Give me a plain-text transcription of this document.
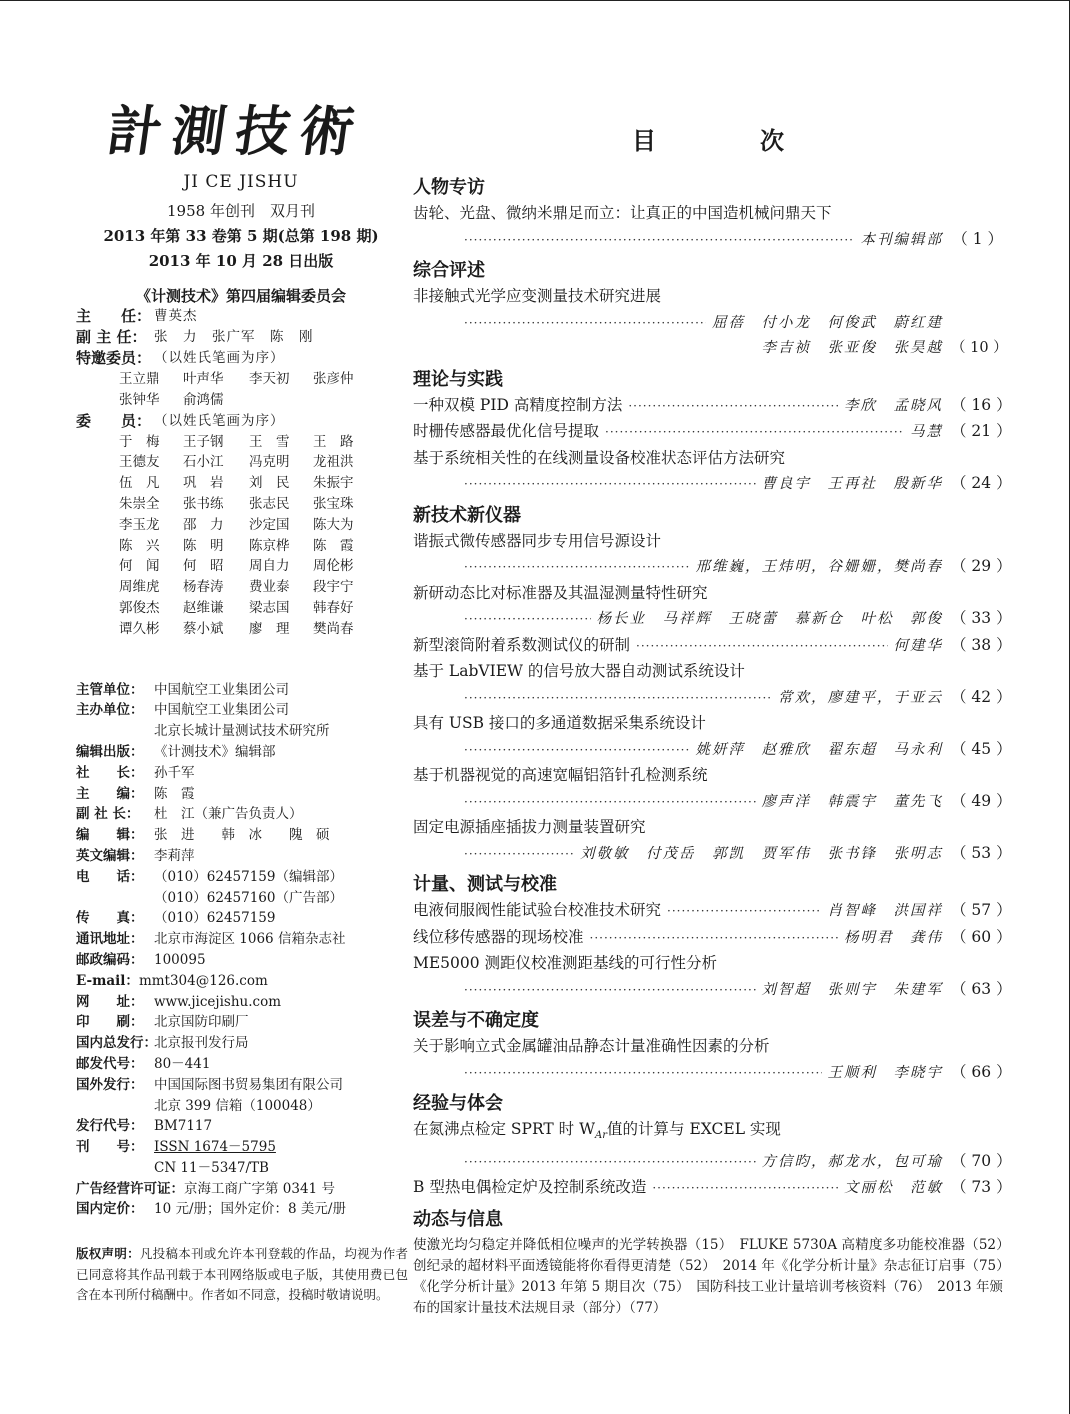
計測技術
JI CE JISHU
1958 年创刊　双月刊
2013 年第 33 卷第 5 期(总第 198 期)
2013 年 10 月 28 日出版
《计测技术》第四届编辑委员会
主　　任： 曹英杰
副 主 任： 张　力　张广军　陈　刚
特邀委员： （以姓氏笔画为序）
王立鼎	叶声华	李天初	张彦仲
张钟华	俞鸿儒
委　　员： （以姓氏笔画为序）
于　梅	王子钢	王　雪	王　路
王德友	石小江	冯克明	龙祖洪
伍　凡	巩　岩	刘　民	朱振宇
朱崇全	张书练	张志民	张宝珠
李玉龙	邵　力	沙定国	陈大为
陈　兴	陈　明	陈京桦	陈　霞
何　闻	何　昭	周自力	周伦彬
周维虎	杨春涛	费业泰	段宇宁
郭俊杰	赵维谦	梁志国	韩春好
谭久彬	蔡小斌	廖　理	樊尚春
主管单位： 中国航空工业集团公司
主办单位： 中国航空工业集团公司
北京长城计量测试技术研究所
编辑出版： 《计测技术》编辑部
社　　长： 孙千军
主　　编： 陈　霞
副 社 长：	杜　江（兼广告负责人）
编　　辑： 张　进　　韩　冰　　隗　硕
英文编辑： 李莉萍
电　　话： （010）62457159（编辑部）
（010）62457160（广告部）
传　　真： （010）62457159
通讯地址： 北京市海淀区 1066 信箱杂志社
邮政编码： 100095
E-mail： mmt304@126.com
网　　址： www.jicejishu.com
印　　刷： 北京国防印刷厂
国内总发行：
北京报刊发行局
邮发代号： 80－441
国外发行： 中国国际图书贸易集团有限公司
北京 399 信箱（100048）
发行代号： BM7117
刊　　号： ISSN 1674－5795
CN 11－5347/TB
广告经营许可证： 京海工商广字第 0341 号
国内定价： 10 元/册；国外定价：8 美元/册
版权声明：凡投稿本刊或允许本刊登载的作品，均视为作者已同意将其作品刊载于本刊网络版或电子版，其使用费已包含在本刊所付稿酬中。作者如不同意，投稿时敬请说明。
目　次
人物专访
齿轮、光盘、微纳米鼎足而立：让真正的中国造机械问鼎天下
·····
本刊编辑部 （ 1 ）
综合评述
非接触式光学应变测量技术研究进展
·····
屈蓓　付小龙　何俊武　蔚红建
李吉祯　张亚俊　张昊越 （ 10 ）
理论与实践
一种双模 PID 高精度控制方法 ·····	李欣　孟晓风 （ 16 ）
时栅传感器最优化信号提取 ·····	马慧 （ 21 ）
基于系统相关性的在线测量设备校准状态评估方法研究
·····
曹良宇　王再社　殷新华 （ 24 ）
新技术新仪器
谐振式微传感器同步专用信号源设计
·····
邢维巍，王炜明，谷姗姗，樊尚春 （ 29 ）
新研动态比对标准器及其温湿测量特性研究
·····
杨长业　马祥辉　王晓蕾　慕新仓　叶松　郭俊 （ 33 ）
新型滚筒附着系数测试仪的研制 ·····	何建华 （ 38 ）
基于 LabVIEW 的信号放大器自动测试系统设计
·····
常欢，廖建平，于亚云 （ 42 ）
具有 USB 接口的多通道数据采集系统设计
·····
姚妍萍　赵雅欣　翟东超　马永利 （ 45 ）
基于机器视觉的高速宽幅铝箔针孔检测系统
·····
廖声洋　韩震宇　董先飞 （ 49 ）
固定电源插座插拔力测量装置研究
·····
刘敬敏　付茂岳　郭凯　贾军伟　张书锋　张明志 （ 53 ）
计量、测试与校准
电液伺服阀性能试验台校准技术研究 ·····	肖智峰　洪国祥 （ 57 ）
线位移传感器的现场校准 ·····	杨明君　龚伟 （ 60 ）
ME5000 测距仪校准测距基线的可行性分析
·····
刘智超　张则宇　朱建军 （ 63 ）
误差与不确定度
关于影响立式金属罐油品静态计量准确性因素的分析
·····
王顺利　李晓宇 （ 66 ）
经验与体会
在氮沸点检定 SPRT 时 $W_{Ar}$值的计算与 EXCEL 实现
·····
方信昀，郝龙水，包可瑜 （ 70 ）
B 型热电偶检定炉及控制系统改造 ·····	文丽松　范敏 （ 73 ）
动态与信息
使激光均匀稳定并降低相位噪声的光学转换器（15）　FLUKE 5730A 高精度多功能校准器（52）　创纪录的超材料平面透镜能将你看得更清楚（52）　2014 年《化学分析计量》杂志征订启事（75）　《化学分析计量》2013 年第 5 期目次（75）　国防科技工业计量培训考核资料（76）　2013 年颁布的国家计量技术法规目录（部分）（77）
